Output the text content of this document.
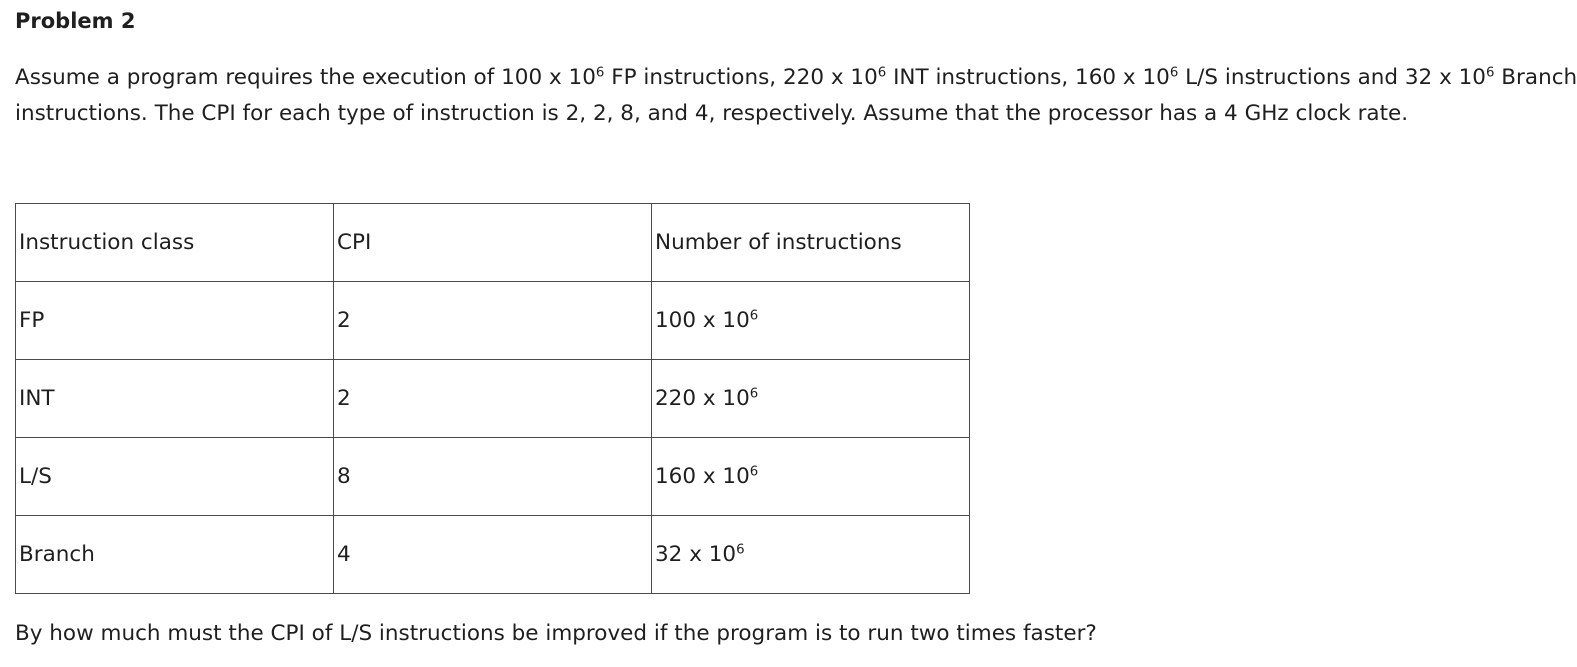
Problem 2

Assume a program requires the execution of 100 x $10^6$ FP instructions, 220 x $10^6$ INT instructions, 160 x $10^6$ L/S instructions and 32 x $10^6$ Branch

instructions. The CPI for each type of instruction is 2, 2, 8, and 4, respectively. Assume that the processor has a 4 GHz clock rate.

Instruction class	CPI	Number of instructions

FP	2	100 x $10^6$

INT	2	220 x $10^6$

L/S	8	160 x $10^6$

Branch	4	32 x $10^6$
By how much must the CPI of L/S instructions be improved if the program is to run two times faster?
